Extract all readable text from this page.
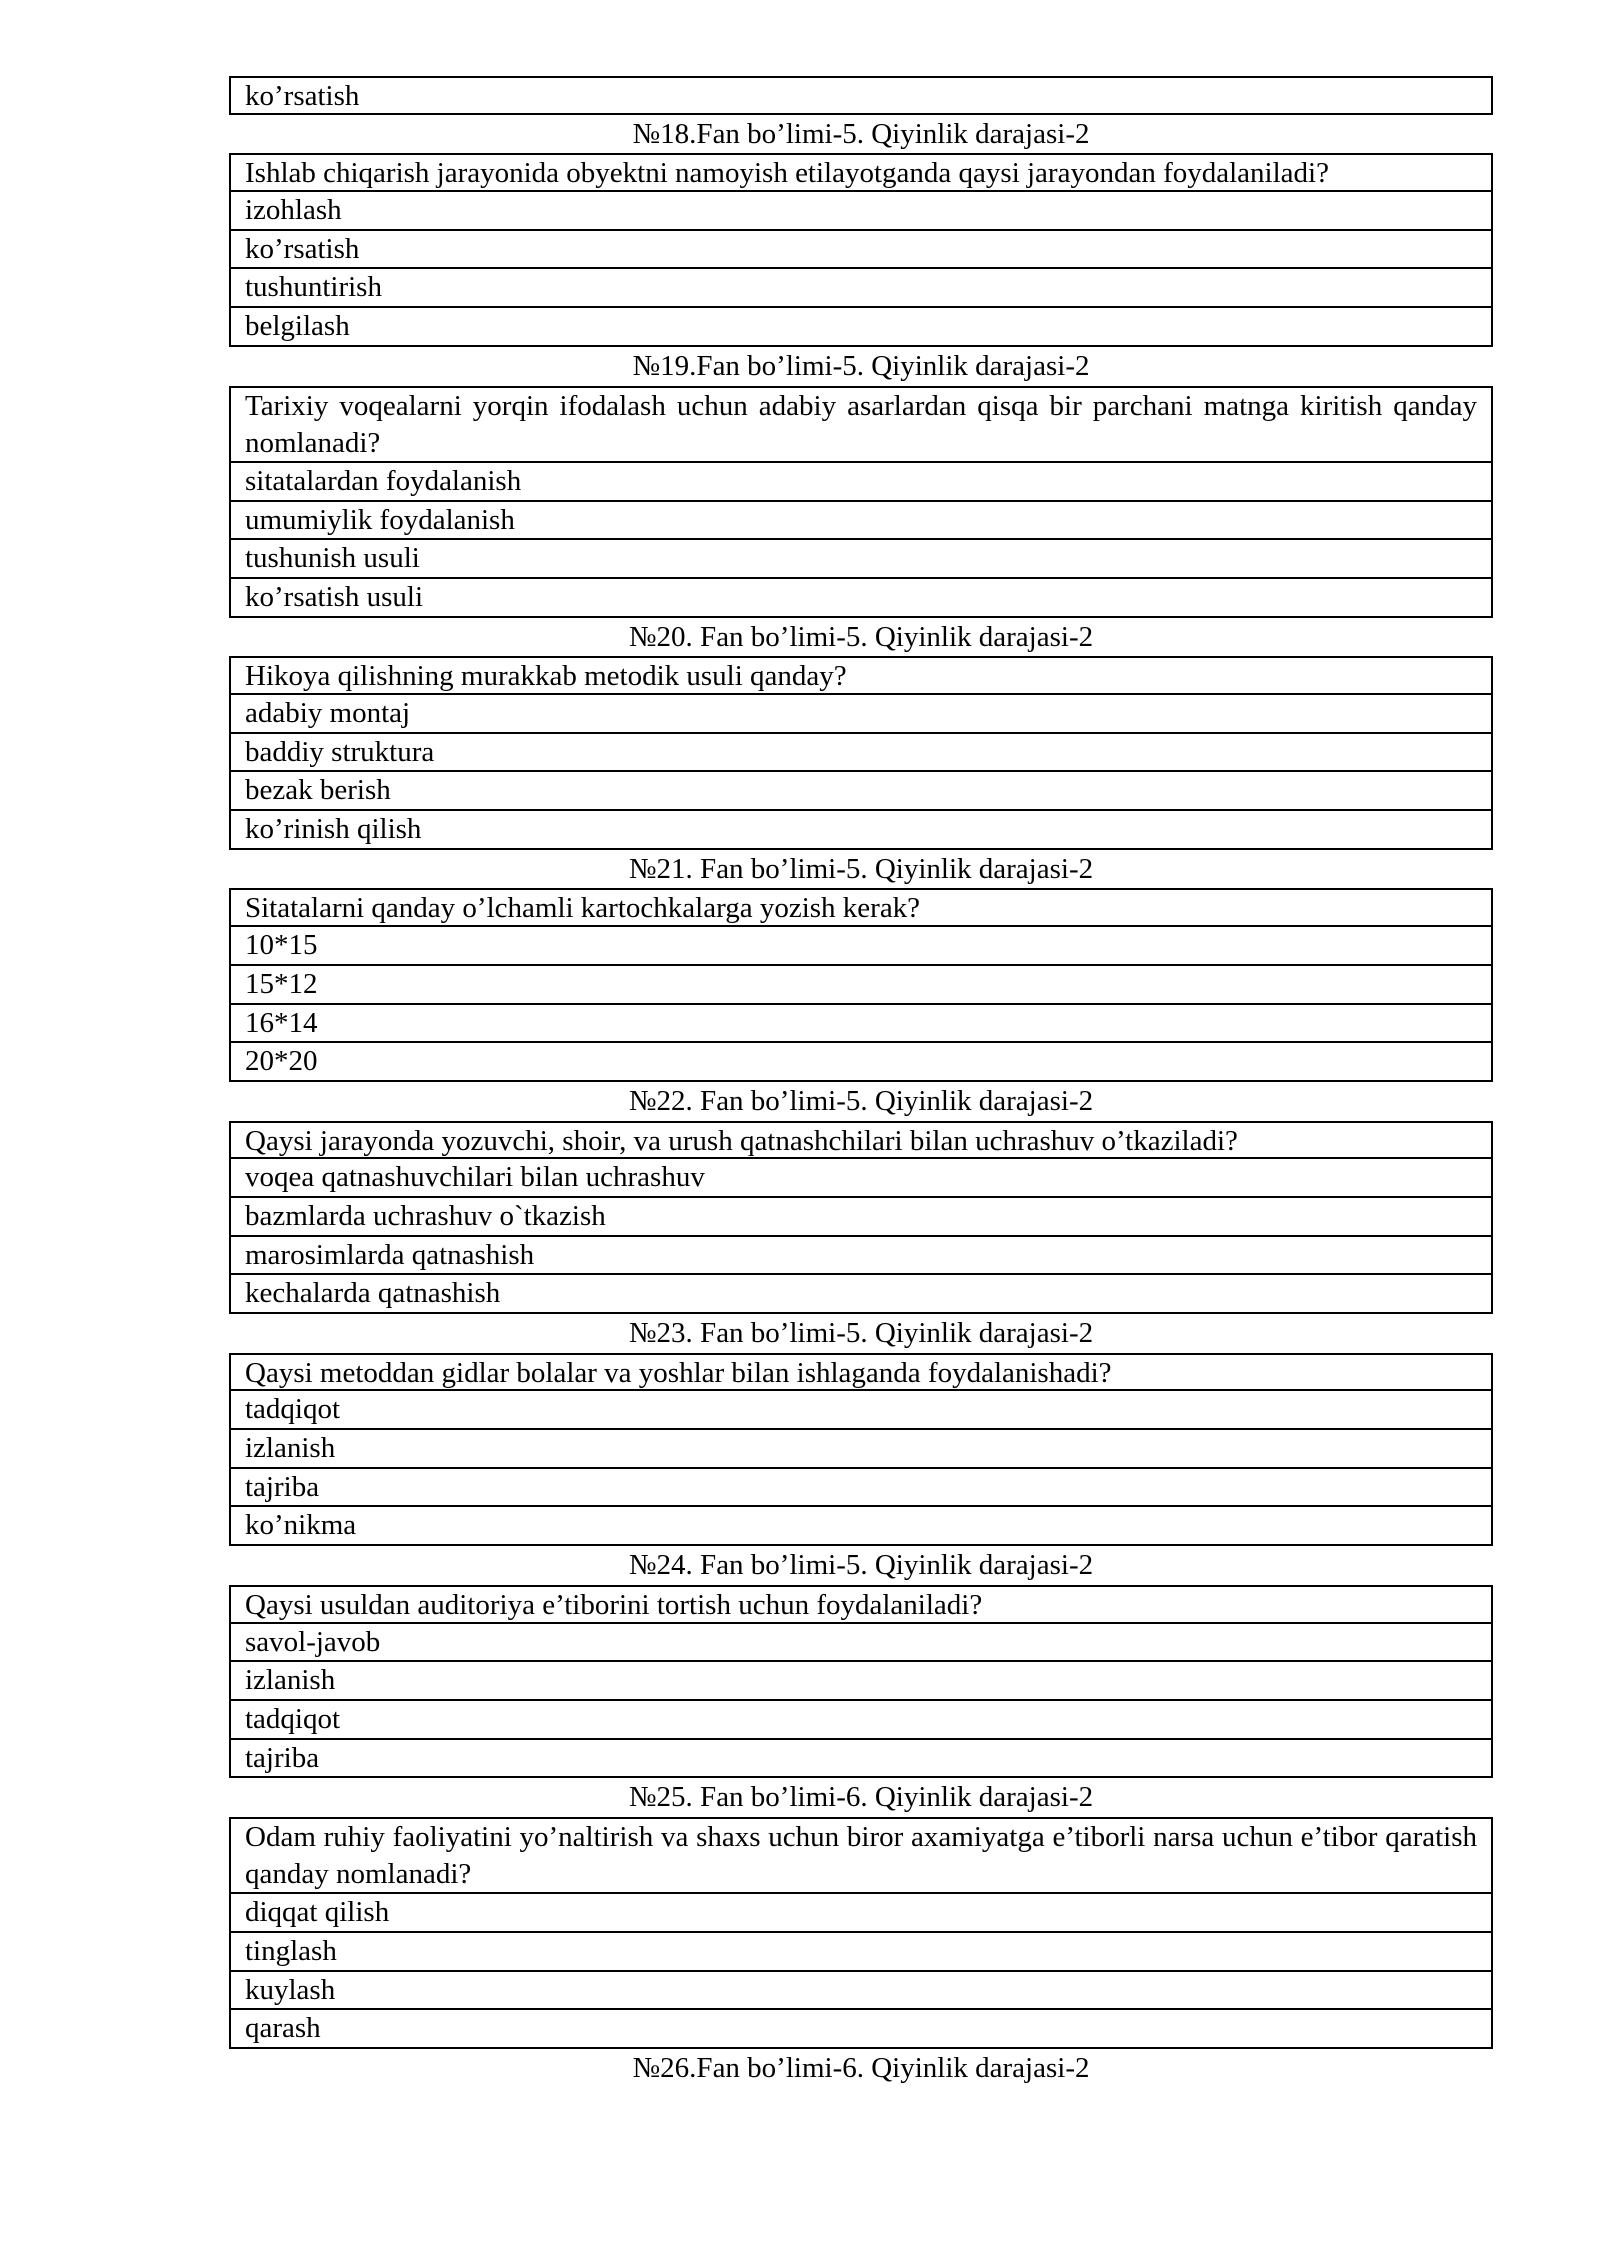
ko’rsatish
№18.Fan bo’limi-5. Qiyinlik darajasi-2
Ishlab chiqarish jarayonida obyektni namoyish etilayotganda qaysi jarayondan foydalaniladi?
izohlash
ko’rsatish
tushuntirish
belgilash
№19.Fan bo’limi-5. Qiyinlik darajasi-2
Tarixiy voqealarni yorqin ifodalash uchun adabiy asarlardan qisqa bir parchani matnga kiritish qanday nomlanadi?
sitatalardan foydalanish
umumiylik foydalanish
tushunish usuli
ko’rsatish usuli
№20. Fan bo’limi-5. Qiyinlik darajasi-2
Hikoya qilishning murakkab metodik usuli qanday?
adabiy montaj
baddiy struktura
bezak berish
ko’rinish qilish
№21. Fan bo’limi-5. Qiyinlik darajasi-2
Sitatalarni qanday o’lchamli kartochkalarga yozish kerak?
10*15
15*12
16*14
20*20
№22. Fan bo’limi-5. Qiyinlik darajasi-2
Qaysi jarayonda yozuvchi, shoir, va urush qatnashchilari bilan uchrashuv o’tkaziladi?
voqea qatnashuvchilari bilan uchrashuv
bazmlarda uchrashuv o`tkazish
marosimlarda qatnashish
kechalarda qatnashish
№23. Fan bo’limi-5. Qiyinlik darajasi-2
Qaysi metoddan gidlar bolalar va yoshlar bilan ishlaganda foydalanishadi?
tadqiqot
izlanish
tajriba
ko’nikma
№24. Fan bo’limi-5. Qiyinlik darajasi-2
Qaysi usuldan auditoriya e’tiborini tortish uchun foydalaniladi?
savol-javob
izlanish
tadqiqot
tajriba
№25. Fan bo’limi-6. Qiyinlik darajasi-2
Odam ruhiy faoliyatini yo’naltirish va shaxs uchun biror axamiyatga e’tiborli narsa uchun e’tibor qaratish qanday nomlanadi?
diqqat qilish
tinglash
kuylash
qarash
№26.Fan bo’limi-6. Qiyinlik darajasi-2
